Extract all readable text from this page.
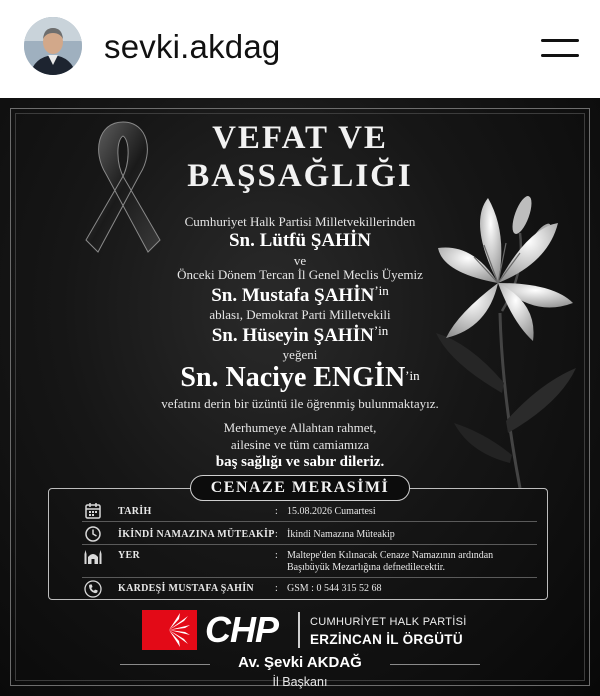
sevki.akdag
VEFAT VE
BAŞSAĞLIĞI
Cumhuriyet Halk Partisi Milletvekillerinden
Sn. Lütfü ŞAHİN
ve
Önceki Dönem Tercan İl Genel Meclis Üyemiz
Sn. Mustafa $ŞAHİN^{’in}$
ablası, Demokrat Parti Milletvekili
Sn. Hüseyin $ŞAHİN^{’in}$
yeğeni
Sn. Naciye $ENGİN^{’in}$
vefatını derin bir üzüntü ile öğrenmiş bulunmaktayız.
Merhumeye Allahtan rahmet,
ailesine ve tüm camiamıza
baş sağlığı ve sabır dileriz.
CENAZE MERASİMİ
TARİH	: 15.08.2026 Cumartesi
İKİNDİ NAMAZINA MÜTEAKİP : İkindi Namazına Müteakip
YER	: Maltepe'den Kılınacak Cenaze Namazının ardından Başıbüyük Mezarlığına defnedilecektir.
KARDEŞİ MUSTAFA ŞAHİN : GSM : 0 544 315 52 68
CHP	CUMHURİYET HALK PARTİSİ
ERZİNCAN İL ÖRGÜTÜ
Av. Şevki AKDAĞ
İl Başkanı
